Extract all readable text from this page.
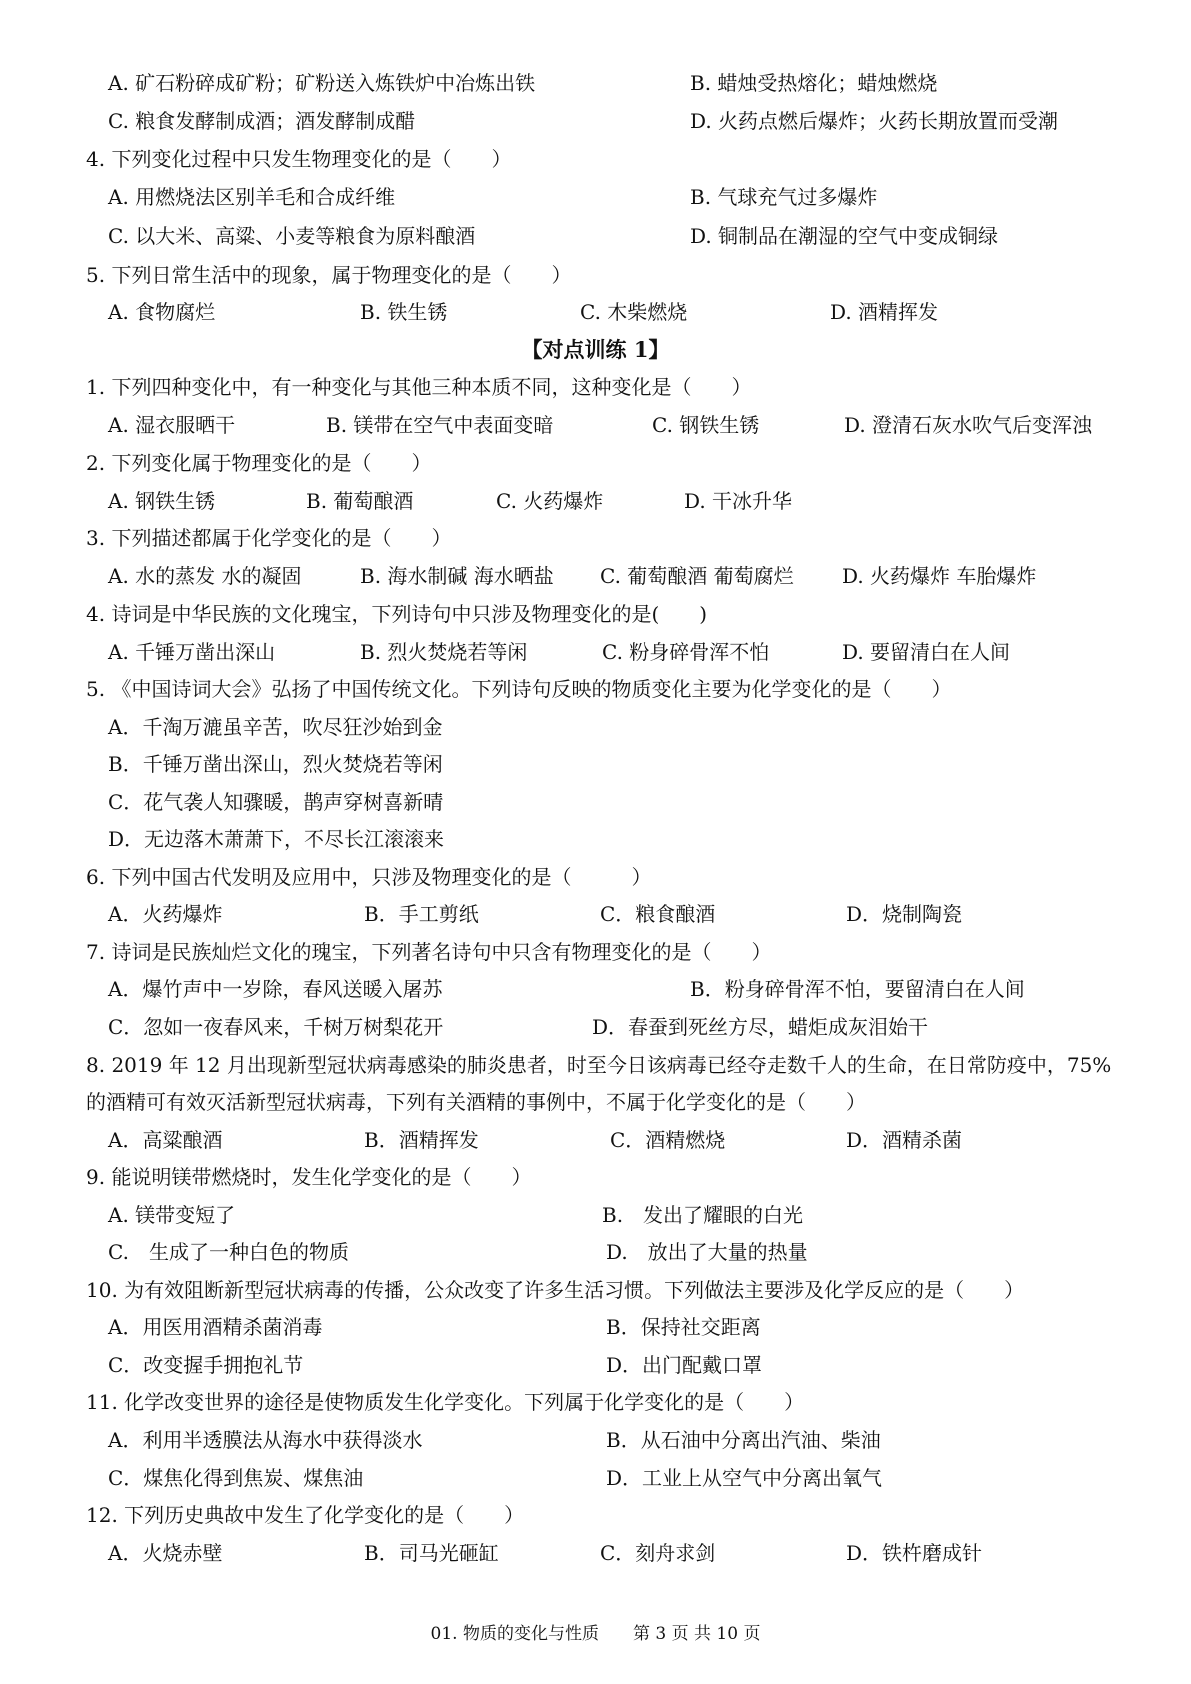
A. 矿石粉碎成矿粉；矿粉送入炼铁炉中冶炼出铁	B. 蜡烛受热熔化；蜡烛燃烧
C. 粮食发酵制成酒；酒发酵制成醋	D. 火药点燃后爆炸；火药长期放置而受潮
4. 下列变化过程中只发生物理变化的是（　　）
A. 用燃烧法区别羊毛和合成纤维	B. 气球充气过多爆炸
C. 以大米、高粱、小麦等粮食为原料酿酒	D. 铜制品在潮湿的空气中变成铜绿
5. 下列日常生活中的现象，属于物理变化的是（　　）
A. 食物腐烂	B. 铁生锈	C. 木柴燃烧	D. 酒精挥发
【对点训练 1】
1. 下列四种变化中，有一种变化与其他三种本质不同，这种变化是（　　）
A. 湿衣服晒干	B. 镁带在空气中表面变暗	C. 钢铁生锈	D. 澄清石灰水吹气后变浑浊
2. 下列变化属于物理变化的是（　　）
A. 钢铁生锈	B. 葡萄酿酒	C. 火药爆炸	D. 干冰升华
3. 下列描述都属于化学变化的是（　　）
A. 水的蒸发 水的凝固	B. 海水制碱 海水晒盐 C. 葡萄酿酒 葡萄腐烂 D. 火药爆炸 车胎爆炸
4. 诗词是中华民族的文化瑰宝，下列诗句中只涉及物理变化的是(　　)
A. 千锤万凿出深山	B. 烈火焚烧若等闲	C. 粉身碎骨浑不怕	D. 要留清白在人间
5. 《中国诗词大会》弘扬了中国传统文化。下列诗句反映的物质变化主要为化学变化的是（　　）
A．千淘万漉虽辛苦，吹尽狂沙始到金
B．千锤万凿出深山，烈火焚烧若等闲
C．花气袭人知骤暖，鹊声穿树喜新晴
D．无边落木萧萧下，不尽长江滚滚来
6. 下列中国古代发明及应用中，只涉及物理变化的是（　　　）
A．火药爆炸	B．手工剪纸	C．粮食酿酒	D．烧制陶瓷
7. 诗词是民族灿烂文化的瑰宝，下列著名诗句中只含有物理变化的是（　　）
A．爆竹声中一岁除，春风送暖入屠苏	B．粉身碎骨浑不怕，要留清白在人间
C．忽如一夜春风来，千树万树梨花开	D．春蚕到死丝方尽，蜡炬成灰泪始干
8. 2019 年 12 月出现新型冠状病毒感染的肺炎患者，时至今日该病毒已经夺走数千人的生命，在日常防疫中，75%
的酒精可有效灭活新型冠状病毒，下列有关酒精的事例中，不属于化学变化的是（　　）
A．高粱酿酒	B．酒精挥发	C．酒精燃烧	D．酒精杀菌
9. 能说明镁带燃烧时，发生化学变化的是（　　）
A. 镁带变短了	B.　发出了耀眼的白光
C.　生成了一种白色的物质	D.　放出了大量的热量
10. 为有效阻断新型冠状病毒的传播，公众改变了许多生活习惯。下列做法主要涉及化学反应的是（　　）
A．用医用酒精杀菌消毒	B．保持社交距离
C．改变握手拥抱礼节	D．出门配戴口罩
11. 化学改变世界的途径是使物质发生化学变化。下列属于化学变化的是（　　）
A．利用半透膜法从海水中获得淡水	B．从石油中分离出汽油、柴油
C．煤焦化得到焦炭、煤焦油	D．工业上从空气中分离出氧气
12. 下列历史典故中发生了化学变化的是（　　）
A．火烧赤壁	B．司马光砸缸	C．刻舟求剑	D．铁杵磨成针
01. 物质的变化与性质　　第 3 页 共 10 页
